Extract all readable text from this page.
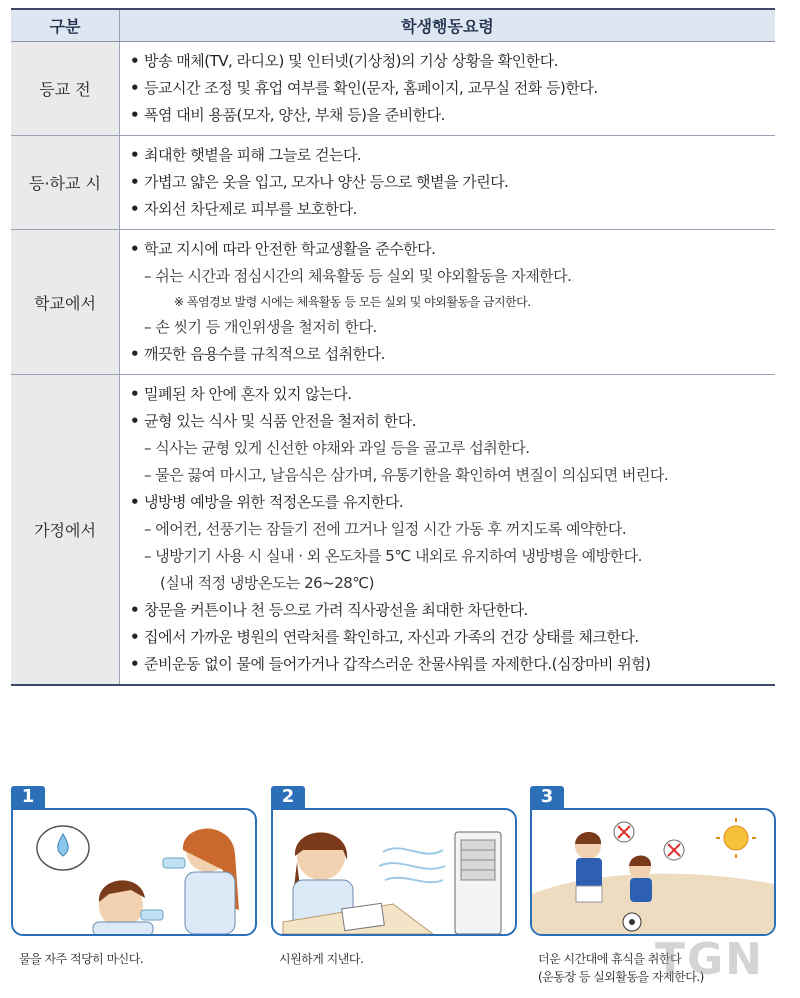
구분	학생행동요령
등교 전
• 방송 매체(TV, 라디오) 및 인터넷(기상청)의 기상 상황을 확인한다.
• 등교시간 조정 및 휴업 여부를 확인(문자, 홈페이지, 교무실 전화 등)한다.
• 폭염 대비 용품(모자, 양산, 부채 등)을 준비한다.
등·하교 시
• 최대한 햇볕을 피해 그늘로 걷는다.
• 가볍고 얇은 옷을 입고, 모자나 양산 등으로 햇볕을 가린다.
• 자외선 차단제로 피부를 보호한다.
학교에서
• 학교 지시에 따라 안전한 학교생활을 준수한다.
– 쉬는 시간과 점심시간의 체육활동 등 실외 및 야외활동을 자제한다.
※ 폭염경보 발령 시에는 체육활동 등 모든 실외 및 야외활동을 금지한다.
– 손 씻기 등 개인위생을 철저히 한다.
• 깨끗한 음용수를 규칙적으로 섭취한다.
가정에서
• 밀폐된 차 안에 혼자 있지 않는다.
• 균형 있는 식사 및 식품 안전을 철저히 한다.
– 식사는 균형 있게 신선한 야채와 과일 등을 골고루 섭취한다.
– 물은 끓여 마시고, 날음식은 삼가며, 유통기한을 확인하여 변질이 의심되면 버린다.
• 냉방병 예방을 위한 적정온도를 유지한다.
– 에어컨, 선풍기는 잠들기 전에 끄거나 일정 시간 가동 후 꺼지도록 예약한다.
– 냉방기기 사용 시 실내 · 외 온도차를 5℃ 내외로 유지하여 냉방병을 예방한다.
(실내 적정 냉방온도는 26~28℃)
• 창문을 커튼이나 천 등으로 가려 직사광선을 최대한 차단한다.
• 집에서 가까운 병원의 연락처를 확인하고, 자신과 가족의 건강 상태를 체크한다.
• 준비운동 없이 물에 들어가거나 갑작스러운 찬물샤워를 자제한다.(심장마비 위험)
1
물을 자주 적당히 마신다.
2
시원하게 지낸다.
3
더운 시간대에 휴식을 취한다
(운동장 등 실외활동을 자제한다.)
TGN
